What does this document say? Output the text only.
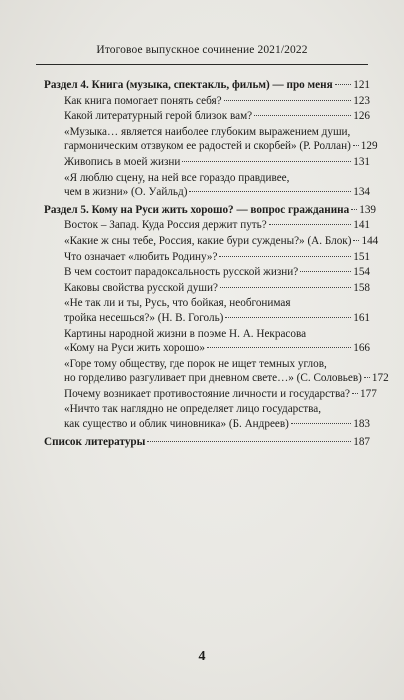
Итоговое выпускное сочинение 2021/2022
Раздел 4. Книга (музыка, спектакль, фильм) — про меня 121
Как книга помогает понять себя?	123
Какой литературный герой близок вам?	126
«Музыка… является наиболее глубоким выражением души,
гармоническим отзвуком ее радостей и скорбей» (Р. Роллан) 129
Живопись в моей жизни	131
«Я люблю сцену, на ней все гораздо правдивее,
чем в жизни» (О. Уайльд)	134
Раздел 5. Кому на Руси жить хорошо? — вопрос гражданина 139
Восток – Запад. Куда Россия держит путь?	141
«Какие ж сны тебе, Россия, какие бури суждены?» (А. Блок) 144
Что означает «любить Родину»?	151
В чем состоит парадоксальность русской жизни?	154
Каковы свойства русской души?	158
«Не так ли и ты, Русь, что бойкая, необгонимая
тройка несешься?» (Н. В. Гоголь)	161
Картины народной жизни в поэме Н. А. Некрасова
«Кому на Руси жить хорошо»	166
«Горе тому обществу, где порок не ищет темных углов,
но горделиво разгуливает при дневном свете…» (С. Соловьев) 172
Почему возникает противостояние личности и государства? 177
«Ничто так наглядно не определяет лицо государства,
как существо и облик чиновника» (Б. Андреев)	183
Список литературы	187
4
